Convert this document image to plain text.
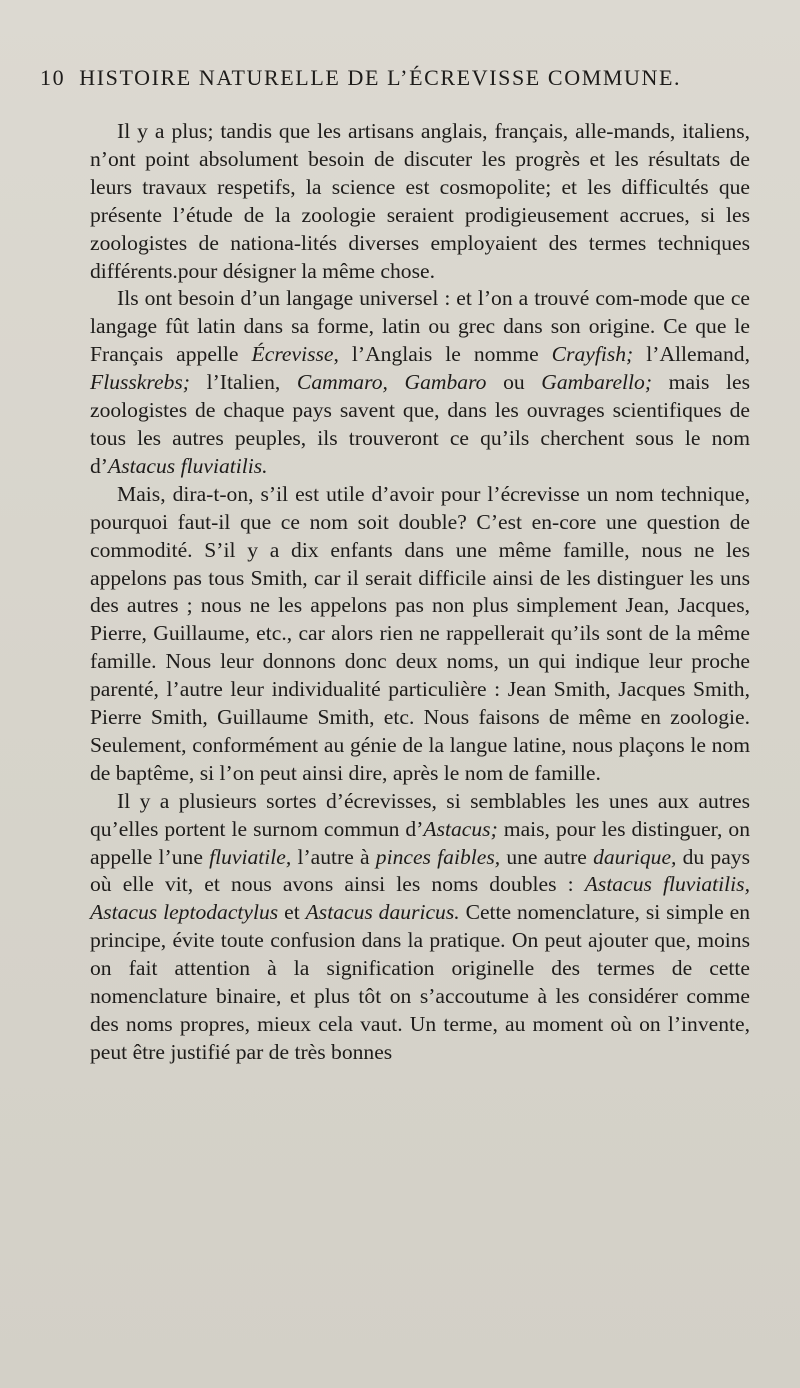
10 HISTOIRE NATURELLE DE L’ÉCREVISSE COMMUNE.

Il y a plus; tandis que les artisans anglais, français, alle-mands, italiens, n’ont point absolument besoin de discuter les progrès et les résultats de leurs travaux respetifs, la science est cosmopolite; et les difficultés que présente l’étude de la zoologie seraient prodigieusement accrues, si les zoologistes de nationa-lités diverses employaient des termes techniques différents.pour désigner la même chose.

Ils ont besoin d’un langage universel : et l’on a trouvé com-mode que ce langage fût latin dans sa forme, latin ou grec dans son origine. Ce que le Français appelle Écrevisse, l’Anglais le nomme Crayfish; l’Allemand, Flusskrebs; l’Italien, Cammaro, Gambaro ou Gambarello; mais les zoologistes de chaque pays savent que, dans les ouvrages scientifiques de tous les autres peuples, ils trouveront ce qu’ils cherchent sous le nom d’Astacus fluviatilis.

Mais, dira-t-on, s’il est utile d’avoir pour l’écrevisse un nom technique, pourquoi faut-il que ce nom soit double? C’est en-core une question de commodité. S’il y a dix enfants dans une même famille, nous ne les appelons pas tous Smith, car il serait difficile ainsi de les distinguer les uns des autres ; nous ne les appelons pas non plus simplement Jean, Jacques, Pierre, Guillaume, etc., car alors rien ne rappellerait qu’ils sont de la même famille. Nous leur donnons donc deux noms, un qui indique leur proche parenté, l’autre leur individualité particulière : Jean Smith, Jacques Smith, Pierre Smith, Guillaume Smith, etc. Nous faisons de même en zoologie. Seulement, conformément au génie de la langue latine, nous plaçons le nom de baptême, si l’on peut ainsi dire, après le nom de famille.

Il y a plusieurs sortes d’écrevisses, si semblables les unes aux autres qu’elles portent le surnom commun d’Astacus; mais, pour les distinguer, on appelle l’une fluviatile, l’autre à pinces faibles, une autre daurique, du pays où elle vit, et nous avons ainsi les noms doubles : Astacus fluviatilis, Astacus leptodactylus et Astacus dauricus. Cette nomenclature, si simple en principe, évite toute confusion dans la pratique. On peut ajouter que, moins on fait attention à la signification originelle des termes de cette nomenclature binaire, et plus tôt on s’accoutume à les considérer comme des noms propres, mieux cela vaut. Un terme, au moment où on l’invente, peut être justifié par de très bonnes
